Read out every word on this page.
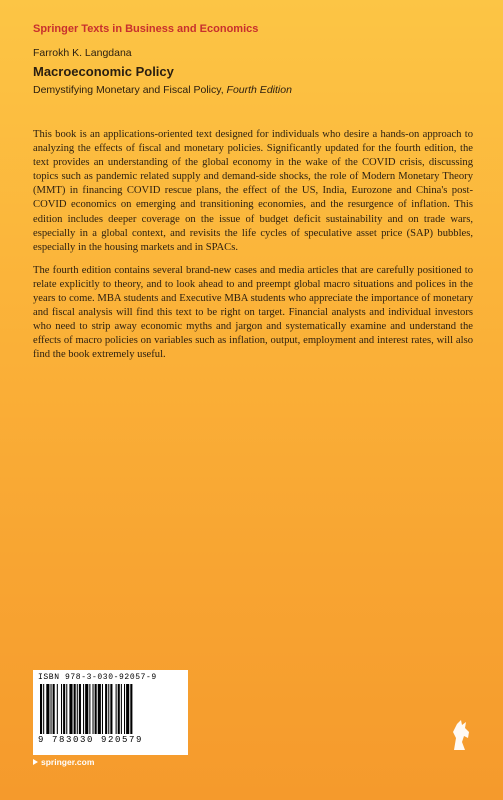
Springer Texts in Business and Economics
Farrokh K. Langdana
Macroeconomic Policy
Demystifying Monetary and Fiscal Policy, Fourth Edition

This book is an applications-oriented text designed for individuals who desire a hands-on approach to analyzing the effects of fiscal and monetary policies. Significantly updated for the fourth edition, the text provides an understanding of the global economy in the wake of the COVID crisis, discussing topics such as pandemic related supply and demand-side shocks, the role of Modern Monetary Theory (MMT) in financing COVID rescue plans, the effect of the US, India, Eurozone and China's post-COVID economics on emerging and transitioning economies, and the resurgence of inflation. This edition includes deeper coverage on the issue of budget deficit sustainability and on trade wars, especially in a global context, and revisits the life cycles of speculative asset price (SAP) bubbles, especially in the housing markets and in SPACs.

The fourth edition contains several brand-new cases and media articles that are carefully positioned to relate explicitly to theory, and to look ahead to and preempt global macro situations and polices in the years to come. MBA students and Executive MBA students who appreciate the importance of monetary and fiscal analysis will find this text to be right on target. Financial analysts and individual investors who need to strip away economic myths and jargon and systematically examine and understand the effects of macro policies on variables such as inflation, output, employment and interest rates, will also find the book extremely useful.

ISBN 978-3-030-92057-9
9 783030 920579
springer.com
